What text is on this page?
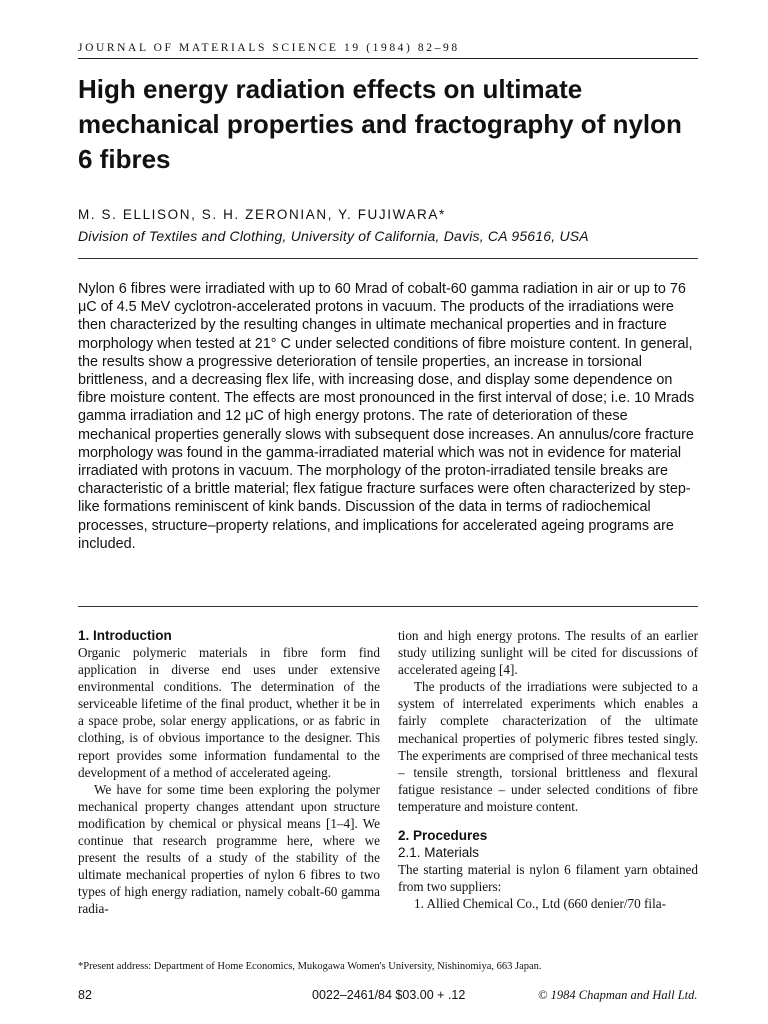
JOURNAL OF MATERIALS SCIENCE 19 (1984) 82–98
High energy radiation effects on ultimate mechanical properties and fractography of nylon 6 fibres
M. S. ELLISON, S. H. ZERONIAN, Y. FUJIWARA*
Division of Textiles and Clothing, University of California, Davis, CA 95616, USA
Nylon 6 fibres were irradiated with up to 60 Mrad of cobalt-60 gamma radiation in air or up to 76 μC of 4.5 MeV cyclotron-accelerated protons in vacuum. The products of the irradiations were then characterized by the resulting changes in ultimate mechanical properties and in fracture morphology when tested at 21° C under selected conditions of fibre moisture content. In general, the results show a progressive deterioration of tensile properties, an increase in torsional brittleness, and a decreasing flex life, with increasing dose, and display some dependence on fibre moisture content. The effects are most pronounced in the first interval of dose; i.e. 10 Mrads gamma irradiation and 12 μC of high energy protons. The rate of deterioration of these mechanical properties generally slows with subsequent dose increases. An annulus/core fracture morphology was found in the gamma-irradiated material which was not in evidence for material irradiated with protons in vacuum. The morphology of the proton-irradiated tensile breaks are characteristic of a brittle material; flex fatigue fracture surfaces were often characterized by step-like formations reminiscent of kink bands. Discussion of the data in terms of radiochemical processes, structure–property relations, and implications for accelerated ageing programs are included.

1. Introduction

Organic polymeric materials in fibre form find application in diverse end uses under extensive environmental conditions. The determination of the serviceable lifetime of the final product, whether it be in a space probe, solar energy applications, or as fabric in clothing, is of obvious importance to the designer. This report provides some information fundamental to the development of a method of accelerated ageing.

We have for some time been exploring the polymer mechanical property changes attendant upon structure modification by chemical or physical means [1–4]. We continue that research programme here, where we present the results of a study of the stability of the ultimate mechanical properties of nylon 6 fibres to two types of high energy radiation, namely cobalt-60 gamma radia-

tion and high energy protons. The results of an earlier study utilizing sunlight will be cited for discussions of accelerated ageing [4].

The products of the irradiations were subjected to a system of interrelated experiments which enables a fairly complete characterization of the ultimate mechanical properties of polymeric fibres tested singly. The experiments are comprised of three mechanical tests – tensile strength, torsional brittleness and flexural fatigue resistance – under selected conditions of fibre temperature and moisture content.

2. Procedures

2.1. Materials

The starting material is nylon 6 filament yarn obtained from two suppliers:

1. Allied Chemical Co., Ltd (660 denier/70 fila-

*Present address: Department of Home Economics, Mukogawa Women's University, Nishinomiya, 663 Japan.
82	0022–2461/84 $03.00 + .12	© 1984 Chapman and Hall Ltd.
